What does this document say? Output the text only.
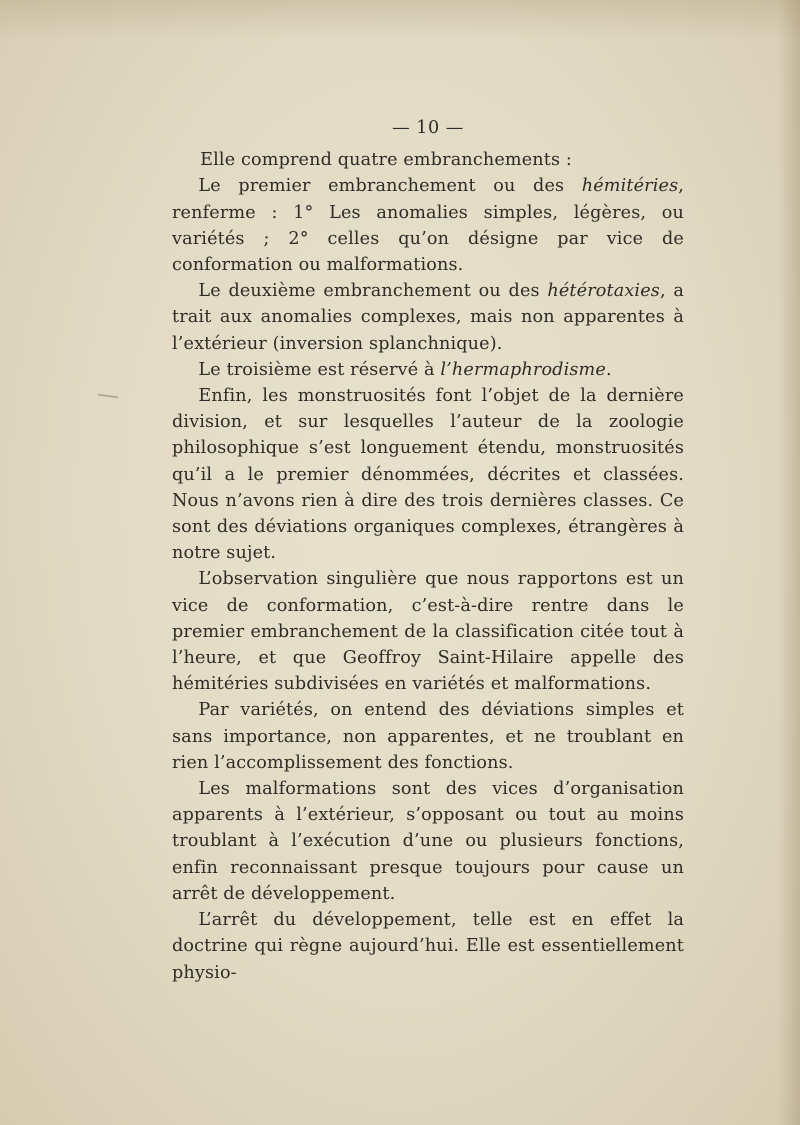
— 10 —

Elle comprend quatre embranchements :

Le premier embranchement ou des hémitéries, renferme : 1° Les anomalies simples, légères, ou variétés ; 2° celles qu’on désigne par vice de conformation ou malformations.

Le deuxième embranchement ou des hétérotaxies, a trait aux anomalies complexes, mais non apparentes à l’extérieur (inversion splanchnique).

Le troisième est réservé à l’hermaphrodisme.

Enfin, les monstruosités font l’objet de la dernière division, et sur lesquelles l’auteur de la zoologie philosophique s’est longuement étendu, monstruosités qu’il a le premier dénommées, décrites et classées. Nous n’avons rien à dire des trois dernières classes. Ce sont des déviations organiques complexes, étrangères à notre sujet.

L’observation singulière que nous rapportons est un vice de conformation, c’est-à-dire rentre dans le premier embranchement de la classification citée tout à l’heure, et que Geoffroy Saint-Hilaire appelle des hémitéries subdivisées en variétés et malformations.

Par variétés, on entend des déviations simples et sans importance, non apparentes, et ne troublant en rien l’accomplissement des fonctions.

Les malformations sont des vices d’organisation apparents à l’extérieur, s’opposant ou tout au moins troublant à l’exécution d’une ou plusieurs fonctions, enfin reconnaissant presque toujours pour cause un arrêt de développement.

L’arrêt du développement, telle est en effet la doctrine qui règne aujourd’hui. Elle est essentiellement physio-
